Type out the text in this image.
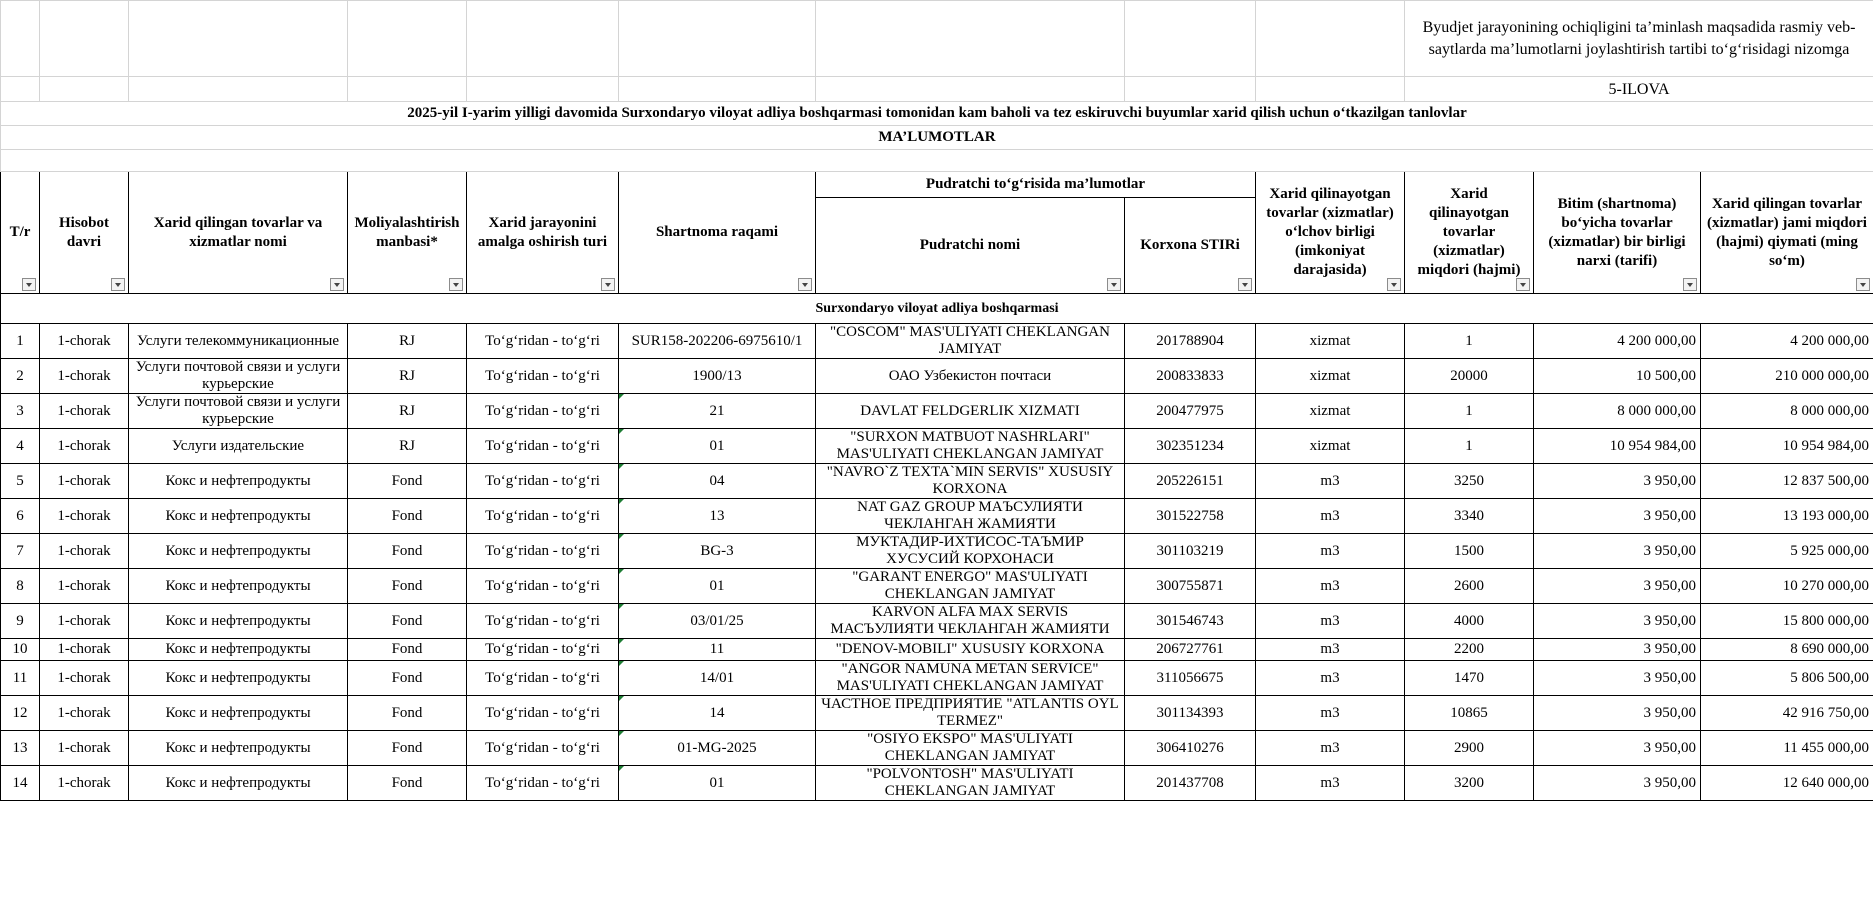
									Byudjet jarayonining ochiqligini ta’minlash maqsadida rasmiy veb-saytlarda ma’lumotlarni joylashtirish tartibi to‘g‘risidagi nizomga		
									5-ILOVA		
2025-yil I-yarim yilligi davomida Surxondaryo viloyat adliya boshqarmasi tomonidan kam baholi va tez eskiruvchi buyumlar xarid qilish uchun o‘tkazilgan tanlovlar											
MA’LUMOTLAR											

T/r	Hisobot davri	Xarid qilingan tovarlar va xizmatlar nomi	Moliyalashtirish manbasi*	Xarid jarayonini amalga oshirish turi	Shartnoma raqami	Pudratchi to‘g‘risida ma’lumotlar		Xarid qilinayotgan tovarlar (xizmatlar) o‘lchov birligi (imkoniyat darajasida)	Xarid qilinayotgan tovarlar (xizmatlar) miqdori (hajmi)	Bitim (shartnoma) bo‘yicha tovarlar (xizmatlar) bir birligi narxi (tarifi)	Xarid qilingan tovarlar (xizmatlar) jami miqdori (hajmi) qiymati (ming so‘m)

						Pudratchi nomi	Korxona STIRi				

Surxondaryo viloyat adliya boshqarmasi											
1	1-chorak	Услуги телекоммуникационные	RJ	To‘g‘ridan - to‘g‘ri	SUR158-202206-6975610/1	"COSCOM" MAS'ULIYATI CHEKLANGAN JAMIYAT	201788904	xizmat	1	4 200 000,00	4 200 000,00
2	1-chorak	Услуги почтовой связи и услуги курьерские	RJ	To‘g‘ridan - to‘g‘ri	1900/13	ОАО Узбекистон почтаси	200833833	xizmat	20000	10 500,00	210 000 000,00
3	1-chorak	Услуги почтовой связи и услуги курьерские	RJ	To‘g‘ridan - to‘g‘ri	21	DAVLAT FELDGERLIK XIZMATI	200477975	xizmat	1	8 000 000,00	8 000 000,00
4	1-chorak	Услуги издательские	RJ	To‘g‘ridan - to‘g‘ri	01	"SURXON MATBUOT NASHRLARI" MAS'ULIYATI CHEKLANGAN JAMIYAT	302351234	xizmat	1	10 954 984,00	10 954 984,00
5	1-chorak	Кокс и нефтепродукты	Fond	To‘g‘ridan - to‘g‘ri	04	"NAVRO`Z TEXTA`MIN SERVIS" XUSUSIY KORXONA	205226151	m3	3250	3 950,00	12 837 500,00
6	1-chorak	Кокс и нефтепродукты	Fond	To‘g‘ridan - to‘g‘ri	13	NAT GAZ GROUP МАЪСУЛИЯТИ ЧЕКЛАНГАН ЖАМИЯТИ	301522758	m3	3340	3 950,00	13 193 000,00
7	1-chorak	Кокс и нефтепродукты	Fond	To‘g‘ridan - to‘g‘ri	BG-3	МУКТАДИР-ИХТИСОС-ТАЪМИР ХУСУСИЙ КОРХОНАСИ	301103219	m3	1500	3 950,00	5 925 000,00
8	1-chorak	Кокс и нефтепродукты	Fond	To‘g‘ridan - to‘g‘ri	01	"GARANT ENERGO" MAS'ULIYATI CHEKLANGAN JAMIYAT	300755871	m3	2600	3 950,00	10 270 000,00
9	1-chorak	Кокс и нефтепродукты	Fond	To‘g‘ridan - to‘g‘ri	03/01/25	KARVON ALFA MAX SERVIS МАСЪУЛИЯТИ ЧЕКЛАНГАН ЖАМИЯТИ	301546743	m3	4000	3 950,00	15 800 000,00
10	1-chorak	Кокс и нефтепродукты	Fond	To‘g‘ridan - to‘g‘ri	11	"DENOV-MOBILI" XUSUSIY KORXONA	206727761	m3	2200	3 950,00	8 690 000,00
11	1-chorak	Кокс и нефтепродукты	Fond	To‘g‘ridan - to‘g‘ri	14/01	"ANGOR NAMUNA METAN SERVICE" MAS'ULIYATI CHEKLANGAN JAMIYAT	311056675	m3	1470	3 950,00	5 806 500,00
12	1-chorak	Кокс и нефтепродукты	Fond	To‘g‘ridan - to‘g‘ri	14	ЧАСТНОЕ ПРЕДПРИЯТИЕ "ATLANTIS OYL TERMEZ"	301134393	m3	10865	3 950,00	42 916 750,00
13	1-chorak	Кокс и нефтепродукты	Fond	To‘g‘ridan - to‘g‘ri	01-MG-2025	"OSIYO EKSPO" MAS'ULIYATI CHEKLANGAN JAMIYAT	306410276	m3	2900	3 950,00	11 455 000,00
14	1-chorak	Кокс и нефтепродукты	Fond	To‘g‘ridan - to‘g‘ri	01	"POLVONTOSH" MAS'ULIYATI CHEKLANGAN JAMIYAT	201437708	m3	3200	3 950,00	12 640 000,00
